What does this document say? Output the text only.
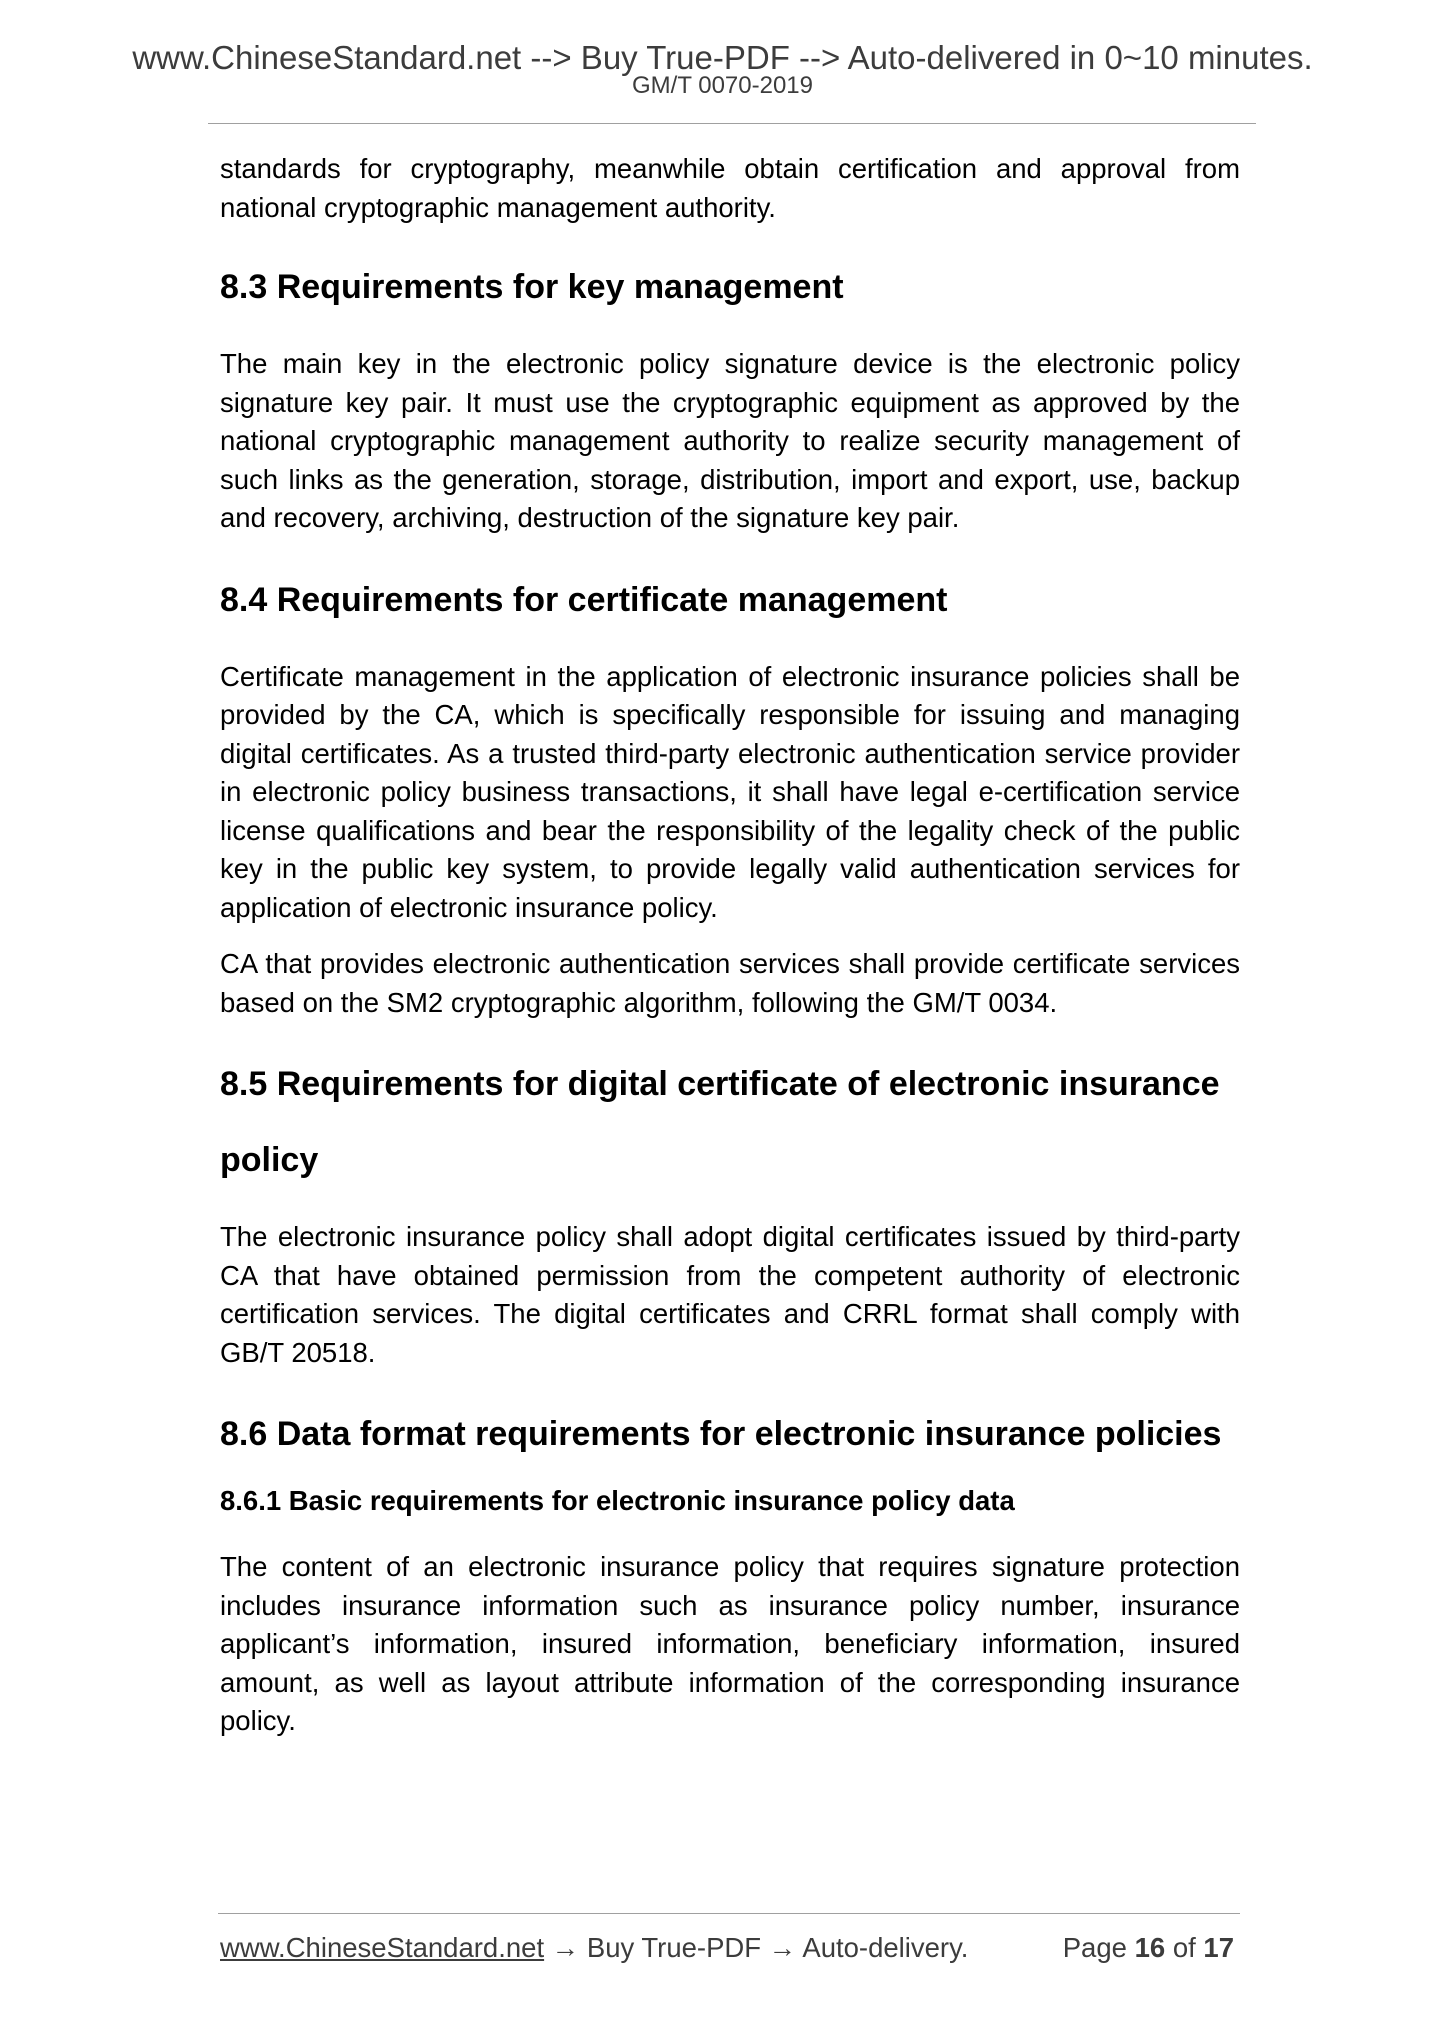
www.ChineseStandard.net --> Buy True-PDF --> Auto-delivered in 0~10 minutes.
GM/T 0070-2019

standards for cryptography, meanwhile obtain certification and approval from national cryptographic management authority.

8.3 Requirements for key management

The main key in the electronic policy signature device is the electronic policy signature key pair. It must use the cryptographic equipment as approved by the national cryptographic management authority to realize security management of such links as the generation, storage, distribution, import and export, use, backup and recovery, archiving, destruction of the signature key pair.

8.4 Requirements for certificate management

Certificate management in the application of electronic insurance policies shall be provided by the CA, which is specifically responsible for issuing and managing digital certificates. As a trusted third-party electronic authentication service provider in electronic policy business transactions, it shall have legal e-certification service license qualifications and bear the responsibility of the legality check of the public key in the public key system, to provide legally valid authentication services for application of electronic insurance policy.

CA that provides electronic authentication services shall provide certificate services based on the SM2 cryptographic algorithm, following the GM/T 0034.

8.5 Requirements for digital certificate of electronic insurance policy

The electronic insurance policy shall adopt digital certificates issued by third-party CA that have obtained permission from the competent authority of electronic certification services. The digital certificates and CRRL format shall comply with GB/T 20518.

8.6 Data format requirements for electronic insurance policies
8.6.1 Basic requirements for electronic insurance policy data

The content of an electronic insurance policy that requires signature protection includes insurance information such as insurance policy number, insurance applicant’s information, insured information, beneficiary information, insured amount, as well as layout attribute information of the corresponding insurance policy.

www.ChineseStandard.net → Buy True-PDF → Auto-delivery.	Page 16 of 17
